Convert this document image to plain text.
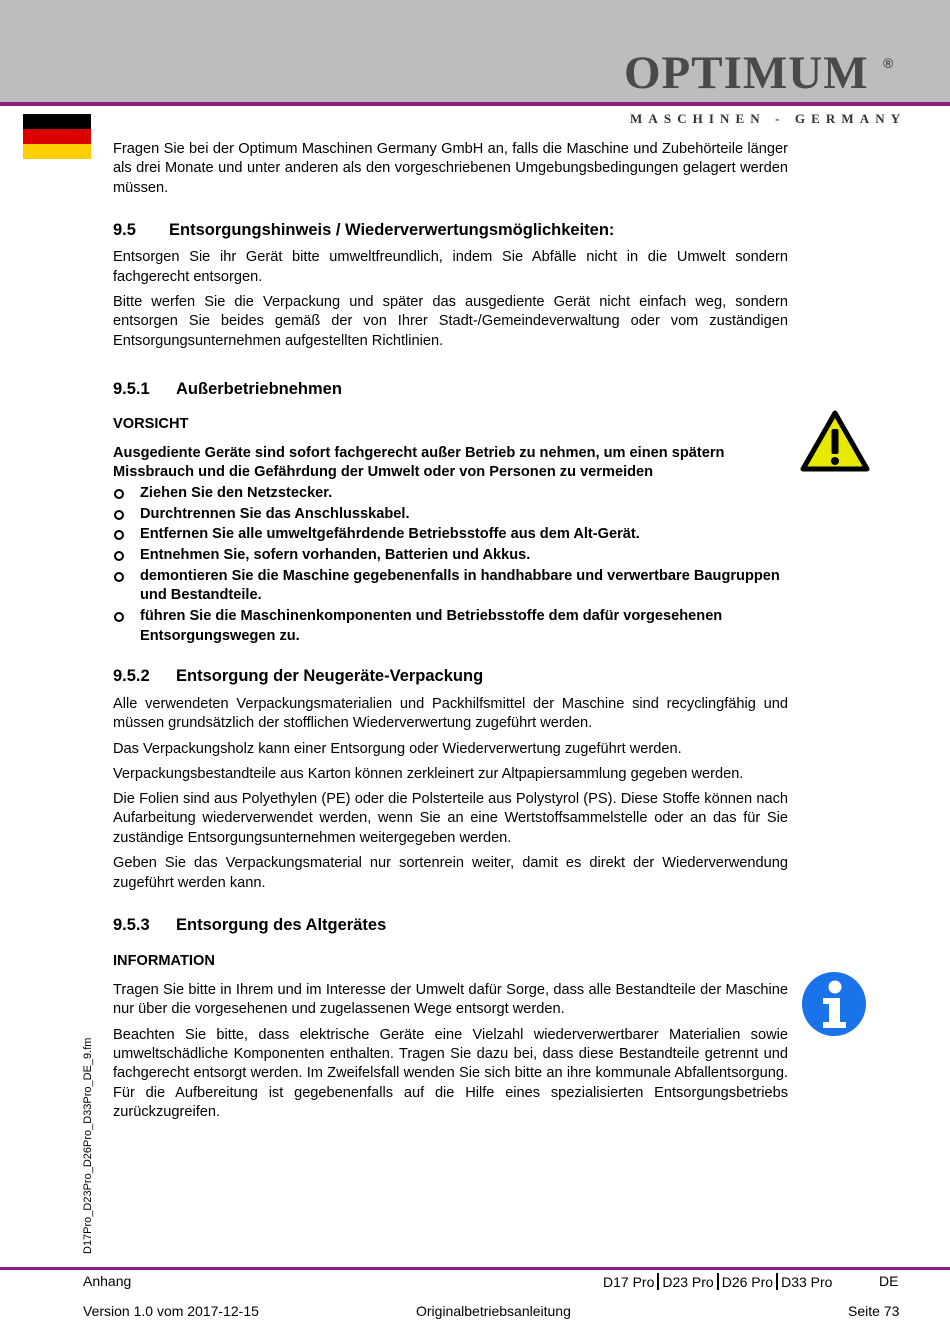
OPTIMUM ®
MASCHINEN - GERMANY

Fragen Sie bei der Optimum Maschinen Germany GmbH an, falls die Maschine und Zubehörteile länger als drei Monate und unter anderen als den vorgeschriebenen Umgebungsbedingungen gelagert werden müssen.

9.5 Entsorgungshinweis / Wiederverwertungsmöglichkeiten:

Entsorgen Sie ihr Gerät bitte umweltfreundlich, indem Sie Abfälle nicht in die Umwelt sondern fachgerecht entsorgen.

Bitte werfen Sie die Verpackung und später das ausgediente Gerät nicht einfach weg, sondern entsorgen Sie beides gemäß der von Ihrer Stadt-/Gemeindeverwaltung oder vom zuständigen Entsorgungsunternehmen aufgestellten Richtlinien.

9.5.1 Außerbetriebnehmen
VORSICHT

Ausgediente Geräte sind sofort fachgerecht außer Betrieb zu nehmen, um einen spätern Missbrauch und die Gefährdung der Umwelt oder von Personen zu vermeiden

Ziehen Sie den Netzstecker.
Durchtrennen Sie das Anschlusskabel.
Entfernen Sie alle umweltgefährdende Betriebsstoffe aus dem Alt-Gerät.
Entnehmen Sie, sofern vorhanden, Batterien und Akkus.
demontieren Sie die Maschine gegebenenfalls in handhabbare und verwertbare Baugruppen und Bestandteile.
führen Sie die Maschinenkomponenten und Betriebsstoffe dem dafür vorgesehenen Entsorgungswegen zu.
9.5.2 Entsorgung der Neugeräte-Verpackung

Alle verwendeten Verpackungsmaterialien und Packhilfsmittel der Maschine sind recyclingfähig und müssen grundsätzlich der stofflichen Wiederverwertung zugeführt werden.

Das Verpackungsholz kann einer Entsorgung oder Wiederverwertung zugeführt werden.

Verpackungsbestandteile aus Karton können zerkleinert zur Altpapiersammlung gegeben werden.

Die Folien sind aus Polyethylen (PE) oder die Polsterteile aus Polystyrol (PS). Diese Stoffe können nach Aufarbeitung wiederverwendet werden, wenn Sie an eine Wertstoffsammelstelle oder an das für Sie zuständige Entsorgungsunternehmen weitergegeben werden.

Geben Sie das Verpackungsmaterial nur sortenrein weiter, damit es direkt der Wiederverwendung zugeführt werden kann.

9.5.3 Entsorgung des Altgerätes
INFORMATION

Tragen Sie bitte in Ihrem und im Interesse der Umwelt dafür Sorge, dass alle Bestandteile der Maschine nur über die vorgesehenen und zugelassenen Wege entsorgt werden.

Beachten Sie bitte, dass elektrische Geräte eine Vielzahl wiederverwertbarer Materialien sowie umweltschädliche Komponenten enthalten. Tragen Sie dazu bei, dass diese Bestandteile getrennt und fachgerecht entsorgt werden. Im Zweifelsfall wenden Sie sich bitte an ihre kommunale Abfallentsorgung. Für die Aufbereitung ist gegebenenfalls auf die Hilfe eines spezialisierten Entsorgungsbetriebs zurückzugreifen.

D17Pro_D23Pro_D26Pro_D33Pro_DE_9.fm
Anhang	D17 Pro D23 Pro D26 Pro D33 Pro	DE
Version 1.0 vom 2017-12-15	Originalbetriebsanleitung	Seite 73
